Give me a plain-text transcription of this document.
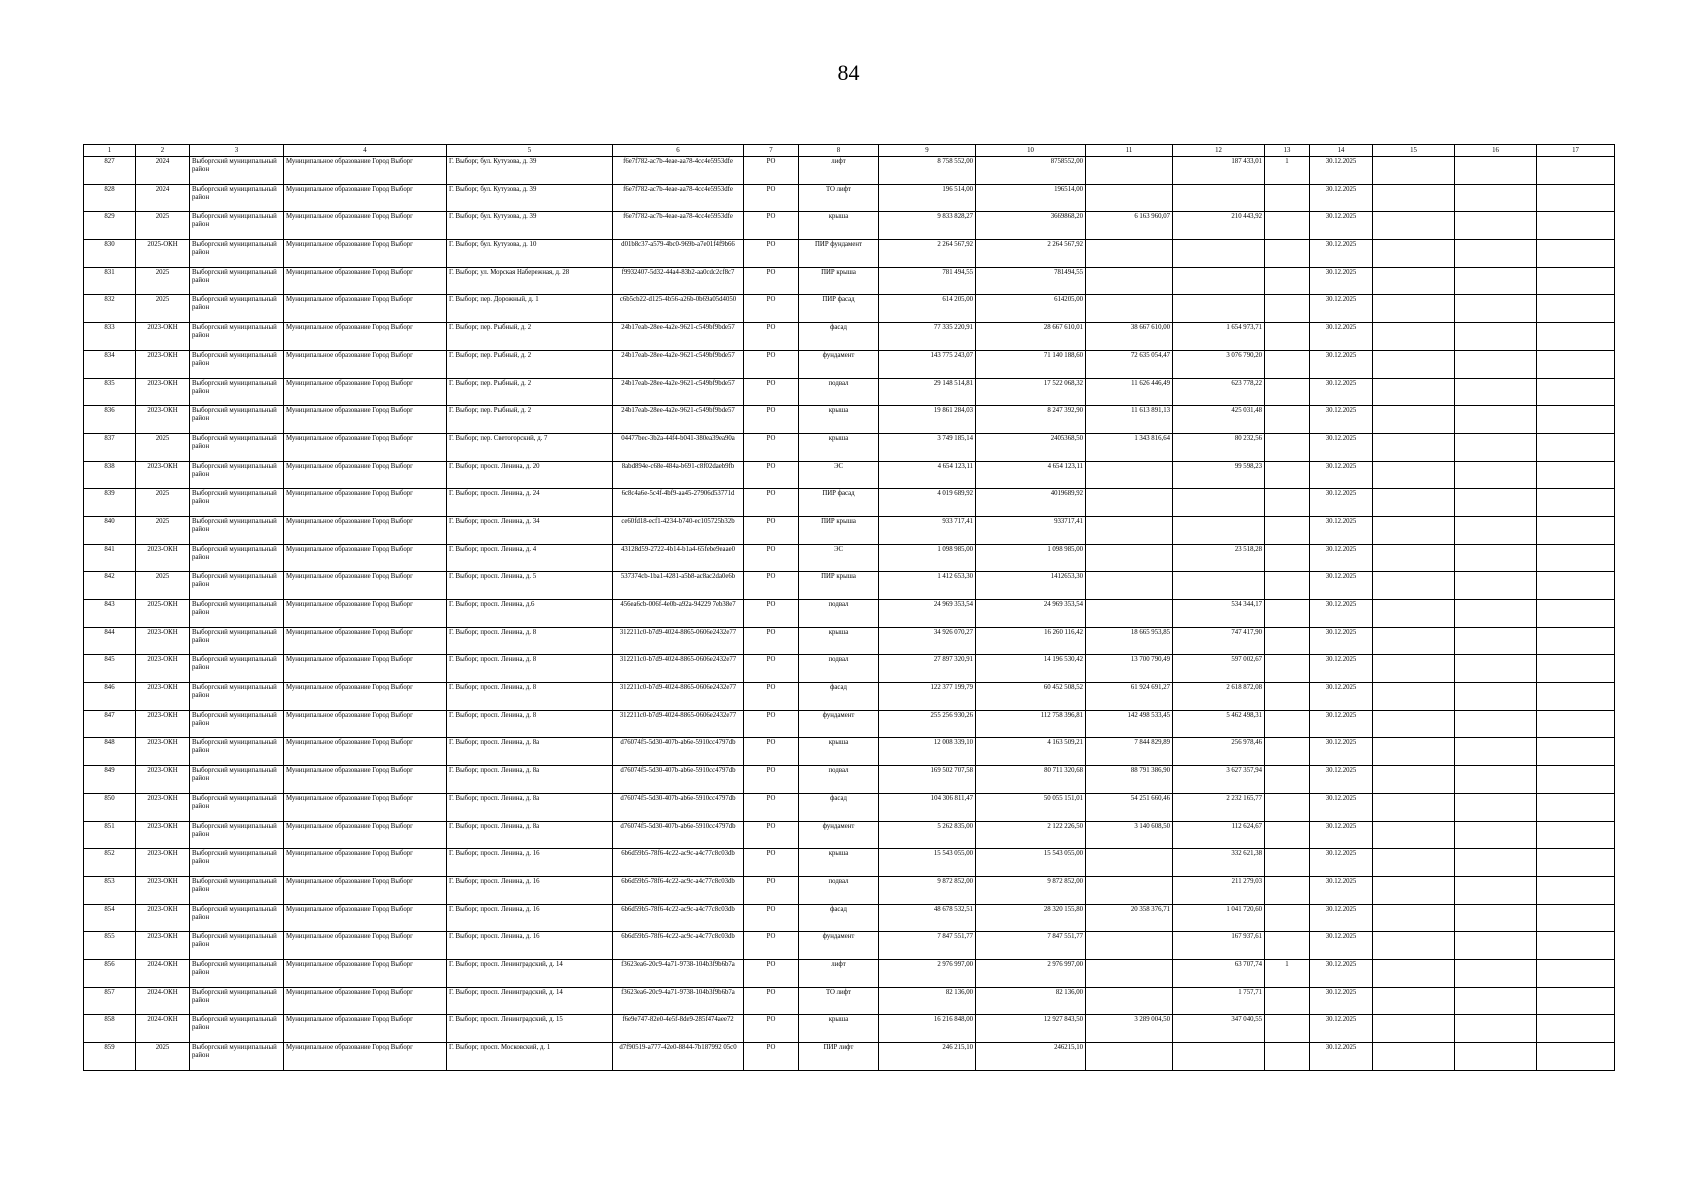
84
1	2	3	4	5	6	7	8	9	10	11	12	13	14	15	16	17
827	2024	Выборгский муниципальный район	Муниципальное образование Город Выборг	Г. Выборг, бул. Кутузова, д. 39	f6e7f782-ac7b-4eae-aa78-4cc4e5953dfe	РО	лифт	8 758 552,00	8758552,00		187 433,01	1	30.12.2025			
828	2024	Выборгский муниципальный район	Муниципальное образование Город Выборг	Г. Выборг, бул. Кутузова, д. 39	f6e7f782-ac7b-4eae-aa78-4cc4e5953dfe	РО	ТО лифт	196 514,00	196514,00				30.12.2025			
829	2025	Выборгский муниципальный район	Муниципальное образование Город Выборг	Г. Выборг, бул. Кутузова, д. 39	f6e7f782-ac7b-4eae-aa78-4cc4e5953dfe	РО	крыша	9 833 828,27	3669868,20	6 163 960,07	210 443,92		30.12.2025			
830	2025-ОКН	Выборгский муниципальный район	Муниципальное образование Город Выборг	Г. Выборг, бул. Кутузова, д. 10	d01b8c37-a579-4bc0-969b-a7e01f4f9b66	РО	ПИР фундамент	2 264 567,92	2 264 567,92				30.12.2025			
831	2025	Выборгский муниципальный район	Муниципальное образование Город Выборг	Г. Выборг, ул. Морская Набережная, д. 28	f9932407-5d32-44a4-83b2-aa0cdc2cf8c7	РО	ПИР крыша	781 494,55	781494,55				30.12.2025			
832	2025	Выборгский муниципальный район	Муниципальное образование Город Выборг	Г. Выборг, пер. Дорожный, д. 1	c6b5cb22-d125-4b56-a26b-0b69a05d4050	РО	ПИР фасад	614 205,00	614205,00				30.12.2025			
833	2023-ОКН	Выборгский муниципальный район	Муниципальное образование Город Выборг	Г. Выборг, пер. Рыбный, д. 2	24b17eab-28ee-4a2e-9621-c549bf9bde57	РО	фасад	77 335 220,91	28 667 610,01	38 667 610,00	1 654 973,71		30.12.2025			
834	2023-ОКН	Выборгский муниципальный район	Муниципальное образование Город Выборг	Г. Выборг, пер. Рыбный, д. 2	24b17eab-28ee-4a2e-9621-c549bf9bde57	РО	фундамент	143 775 243,07	71 140 188,60	72 635 054,47	3 076 790,20		30.12.2025			
835	2023-ОКН	Выборгский муниципальный район	Муниципальное образование Город Выборг	Г. Выборг, пер. Рыбный, д. 2	24b17eab-28ee-4a2e-9621-c549bf9bde57	РО	подвал	29 148 514,81	17 522 068,32	11 626 446,49	623 778,22		30.12.2025			
836	2023-ОКН	Выборгский муниципальный район	Муниципальное образование Город Выборг	Г. Выборг, пер. Рыбный, д. 2	24b17eab-28ee-4a2e-9621-c549bf9bde57	РО	крыша	19 861 284,03	8 247 392,90	11 613 891,13	425 031,48		30.12.2025			
837	2025	Выборгский муниципальный район	Муниципальное образование Город Выборг	Г. Выборг, пер. Светогорский, д. 7	04477bec-3b2a-44f4-b041-380ea39ea90a	РО	крыша	3 749 185,14	2405368,50	1 343 816,64	80 232,56		30.12.2025			
838	2023-ОКН	Выборгский муниципальный район	Муниципальное образование Город Выборг	Г. Выборг, просп. Ленина, д. 20	8abd894e-c68e-484a-b691-c8f02daeb9fb	РО	ЭС	4 654 123,11	4 654 123,11		99 598,23		30.12.2025			
839	2025	Выборгский муниципальный район	Муниципальное образование Город Выборг	Г. Выборг, просп. Ленина, д. 24	6c8c4a6e-5c4f-4bf9-aa45-27906d53771d	РО	ПИР фасад	4 019 689,92	4019689,92				30.12.2025			
840	2025	Выборгский муниципальный район	Муниципальное образование Город Выборг	Г. Выборг, просп. Ленина, д. 34	ce60fd18-ecf1-4234-b740-ec105725b32b	РО	ПИР крыша	933 717,41	933717,41				30.12.2025			
841	2023-ОКН	Выборгский муниципальный район	Муниципальное образование Город Выборг	Г. Выборг, просп. Ленина, д. 4	43128d59-2722-4b14-b1a4-65febe9eaae0	РО	ЭС	1 098 985,00	1 098 985,00		23 518,28		30.12.2025			
842	2025	Выборгский муниципальный район	Муниципальное образование Город Выборг	Г. Выборг, просп. Ленина, д. 5	537374cb-1ba1-4281-a5b8-ac8ac2da0e6b	РО	ПИР крыша	1 412 653,30	1412653,30				30.12.2025			
843	2025-ОКН	Выборгский муниципальный район	Муниципальное образование Город Выборг	Г. Выборг, просп. Ленина, д.6	456ea6cb-006f-4e0b-a92a-94229 7eb38e7	РО	подвал	24 969 353,54	24 969 353,54		534 344,17		30.12.2025			
844	2023-ОКН	Выборгский муниципальный район	Муниципальное образование Город Выборг	Г. Выборг, просп. Ленина, д. 8	312211c0-b7d9-4024-8865-0606e2432e77	РО	крыша	34 926 070,27	16 260 116,42	18 665 953,85	747 417,90		30.12.2025			
845	2023-ОКН	Выборгский муниципальный район	Муниципальное образование Город Выборг	Г. Выборг, просп. Ленина, д. 8	312211c0-b7d9-4024-8865-0606e2432e77	РО	подвал	27 897 320,91	14 196 530,42	13 700 790,49	597 002,67		30.12.2025			
846	2023-ОКН	Выборгский муниципальный район	Муниципальное образование Город Выборг	Г. Выборг, просп. Ленина, д. 8	312211c0-b7d9-4024-8865-0606e2432e77	РО	фасад	122 377 199,79	60 452 508,52	61 924 691,27	2 618 872,08		30.12.2025			
847	2023-ОКН	Выборгский муниципальный район	Муниципальное образование Город Выборг	Г. Выборг, просп. Ленина, д. 8	312211c0-b7d9-4024-8865-0606e2432e77	РО	фундамент	255 256 930,26	112 758 396,81	142 498 533,45	5 462 498,31		30.12.2025			
848	2023-ОКН	Выборгский муниципальный район	Муниципальное образование Город Выборг	Г. Выборг, просп. Ленина, д. 8а	d76074f5-5d30-407b-ab6e-5910cc4797db	РО	крыша	12 008 339,10	4 163 509,21	7 844 829,89	256 978,46		30.12.2025			
849	2023-ОКН	Выборгский муниципальный район	Муниципальное образование Город Выборг	Г. Выборг, просп. Ленина, д. 8а	d76074f5-5d30-407b-ab6e-5910cc4797db	РО	подвал	169 502 707,58	80 711 320,68	88 791 386,90	3 627 357,94		30.12.2025			
850	2023-ОКН	Выборгский муниципальный район	Муниципальное образование Город Выборг	Г. Выборг, просп. Ленина, д. 8а	d76074f5-5d30-407b-ab6e-5910cc4797db	РО	фасад	104 306 811,47	50 055 151,01	54 251 660,46	2 232 165,77		30.12.2025			
851	2023-ОКН	Выборгский муниципальный район	Муниципальное образование Город Выборг	Г. Выборг, просп. Ленина, д. 8а	d76074f5-5d30-407b-ab6e-5910cc4797db	РО	фундамент	5 262 835,00	2 122 226,50	3 140 608,50	112 624,67		30.12.2025			
852	2023-ОКН	Выборгский муниципальный район	Муниципальное образование Город Выборг	Г. Выборг, просп. Ленина, д. 16	6b6d59b5-78f6-4c22-ac9c-a4c77c8c03db	РО	крыша	15 543 055,00	15 543 055,00		332 621,38		30.12.2025			
853	2023-ОКН	Выборгский муниципальный район	Муниципальное образование Город Выборг	Г. Выборг, просп. Ленина, д. 16	6b6d59b5-78f6-4c22-ac9c-a4c77c8c03db	РО	подвал	9 872 852,00	9 872 852,00		211 279,03		30.12.2025			
854	2023-ОКН	Выборгский муниципальный район	Муниципальное образование Город Выборг	Г. Выборг, просп. Ленина, д. 16	6b6d59b5-78f6-4c22-ac9c-a4c77c8c03db	РО	фасад	48 678 532,51	28 320 155,80	20 358 376,71	1 041 720,60		30.12.2025			
855	2023-ОКН	Выборгский муниципальный район	Муниципальное образование Город Выборг	Г. Выборг, просп. Ленина, д. 16	6b6d59b5-78f6-4c22-ac9c-a4c77c8c03db	РО	фундамент	7 847 551,77	7 847 551,77		167 937,61		30.12.2025			
856	2024-ОКН	Выборгский муниципальный район	Муниципальное образование Город Выборг	Г. Выборг, просп. Ленинградский, д. 14	f3623ea6-20c9-4a71-9738-104b3f9b6b7a	РО	лифт	2 976 997,00	2 976 997,00		63 707,74	1	30.12.2025			
857	2024-ОКН	Выборгский муниципальный район	Муниципальное образование Город Выборг	Г. Выборг, просп. Ленинградский, д. 14	f3623ea6-20c9-4a71-9738-104b3f9b6b7a	РО	ТО лифт	82 136,00	82 136,00		1 757,71		30.12.2025			
858	2024-ОКН	Выборгский муниципальный район	Муниципальное образование Город Выборг	Г. Выборг, просп. Ленинградский, д. 15	f6e9e747-82e0-4e5f-8de9-285f474aee72	РО	крыша	16 216 848,00	12 927 843,50	3 289 004,50	347 040,55		30.12.2025			
859	2025	Выборгский муниципальный район	Муниципальное образование Город Выборг	Г. Выборг, просп. Московский, д. 1	d7f90519-a777-42e0-8844-7b187992 05c0	РО	ПИР лифт	246 215,10	246215,10				30.12.2025			
